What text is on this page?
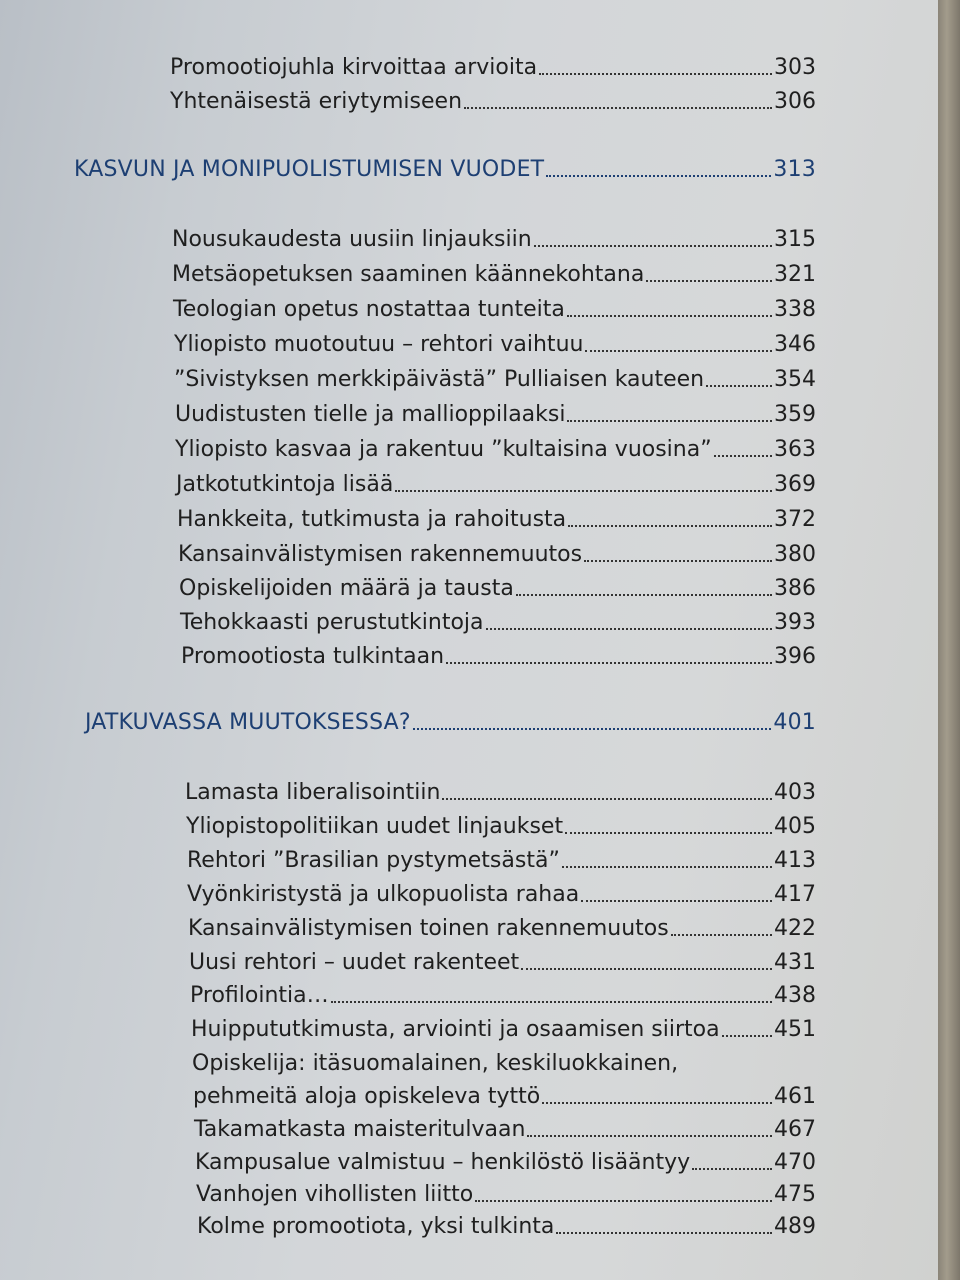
Promootiojuhla kirvoittaa arvioita	303
Yhtenäisestä eriytymiseen	306
KASVUN JA MONIPUOLISTUMISEN VUODET	313
Nousukaudesta uusiin linjauksiin	315
Metsäopetuksen saaminen käännekohtana	321
Teologian opetus nostattaa tunteita	338
Yliopisto muotoutuu – rehtori vaihtuu	346
”Sivistyksen merkkipäivästä” Pulliaisen kauteen	354
Uudistusten tielle ja mallioppilaaksi	359
Yliopisto kasvaa ja rakentuu ”kultaisina vuosina”	363
Jatkotutkintoja lisää	369
Hankkeita, tutkimusta ja rahoitusta	372
Kansainvälistymisen rakennemuutos	380
Opiskelijoiden määrä ja tausta	386
Tehokkaasti perustutkintoja	393
Promootiosta tulkintaan	396
JATKUVASSA MUUTOKSESSA?	401
Lamasta liberalisointiin	403
Yliopistopolitiikan uudet linjaukset	405
Rehtori ”Brasilian pystymetsästä”	413
Vyönkiristystä ja ulkopuolista rahaa	417
Kansainvälistymisen toinen rakennemuutos	422
Uusi rehtori – uudet rakenteet	431
Profilointia…	438
Huippututkimusta, arviointi ja osaamisen siirtoa 451
Opiskelija: itäsuomalainen, keskiluokkainen,
pehmeitä aloja opiskeleva tyttö	461
Takamatkasta maisteritulvaan	467
Kampusalue valmistuu – henkilöstö lisääntyy	470
Vanhojen vihollisten liitto	475
Kolme promootiota, yksi tulkinta	489
